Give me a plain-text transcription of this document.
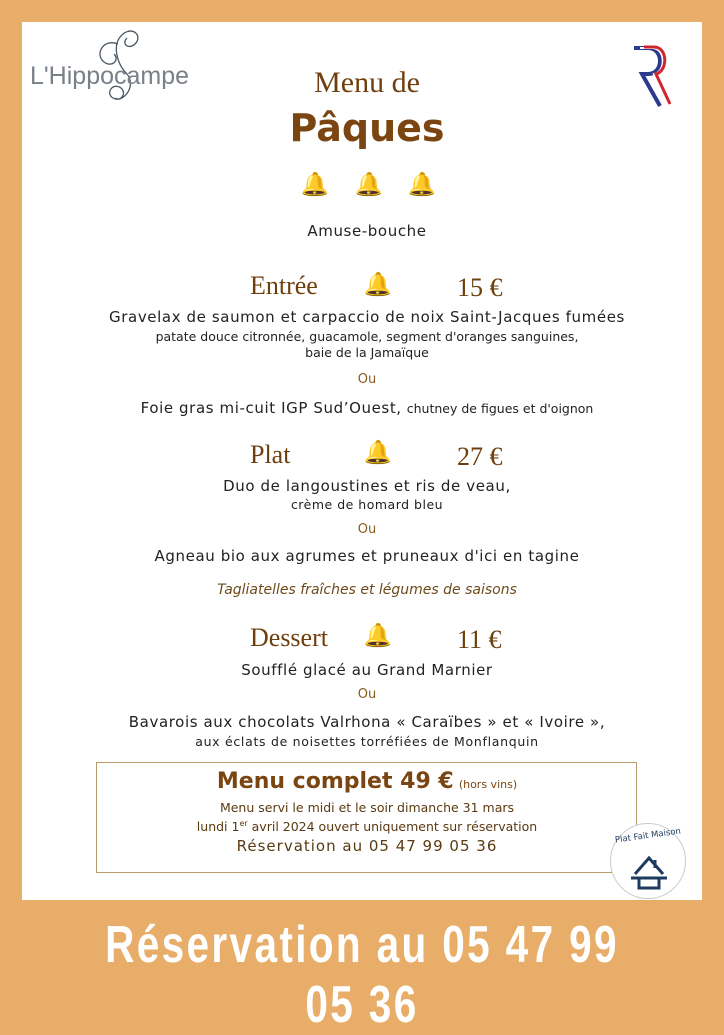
L'Hippocampe	Menu de
Pâques
🔔 🔔 🔔
Amuse-bouche
Entrée 🔔	15 €
Gravelax de saumon et carpaccio de noix Saint-Jacques fumées
patate douce citronnée, guacamole, segment d'oranges sanguines,
baie de la Jamaïque
Ou
Foie gras mi-cuit IGP Sud’Ouest, chutney de figues et d'oignon
Plat	🔔	27 €
Duo de langoustines et ris de veau,
crème de homard bleu
Ou
Agneau bio aux agrumes et pruneaux d'ici en tagine
Tagliatelles fraîches et légumes de saisons
Dessert 🔔	11 €
Soufflé glacé au Grand Marnier
Ou
Bavarois aux chocolats Valrhona « Caraïbes » et « Ivoire »,
aux éclats de noisettes torréfiées de Monflanquin
Menu complet 49 € (hors vins)
Menu servi le midi et le soir dimanche 31 mars
lundi 1er avril 2024 ouvert uniquement sur réservation
Réservation au 05 47 99 05 36
Plat Fait Maison
Réservation au 05 47 99 05 36
